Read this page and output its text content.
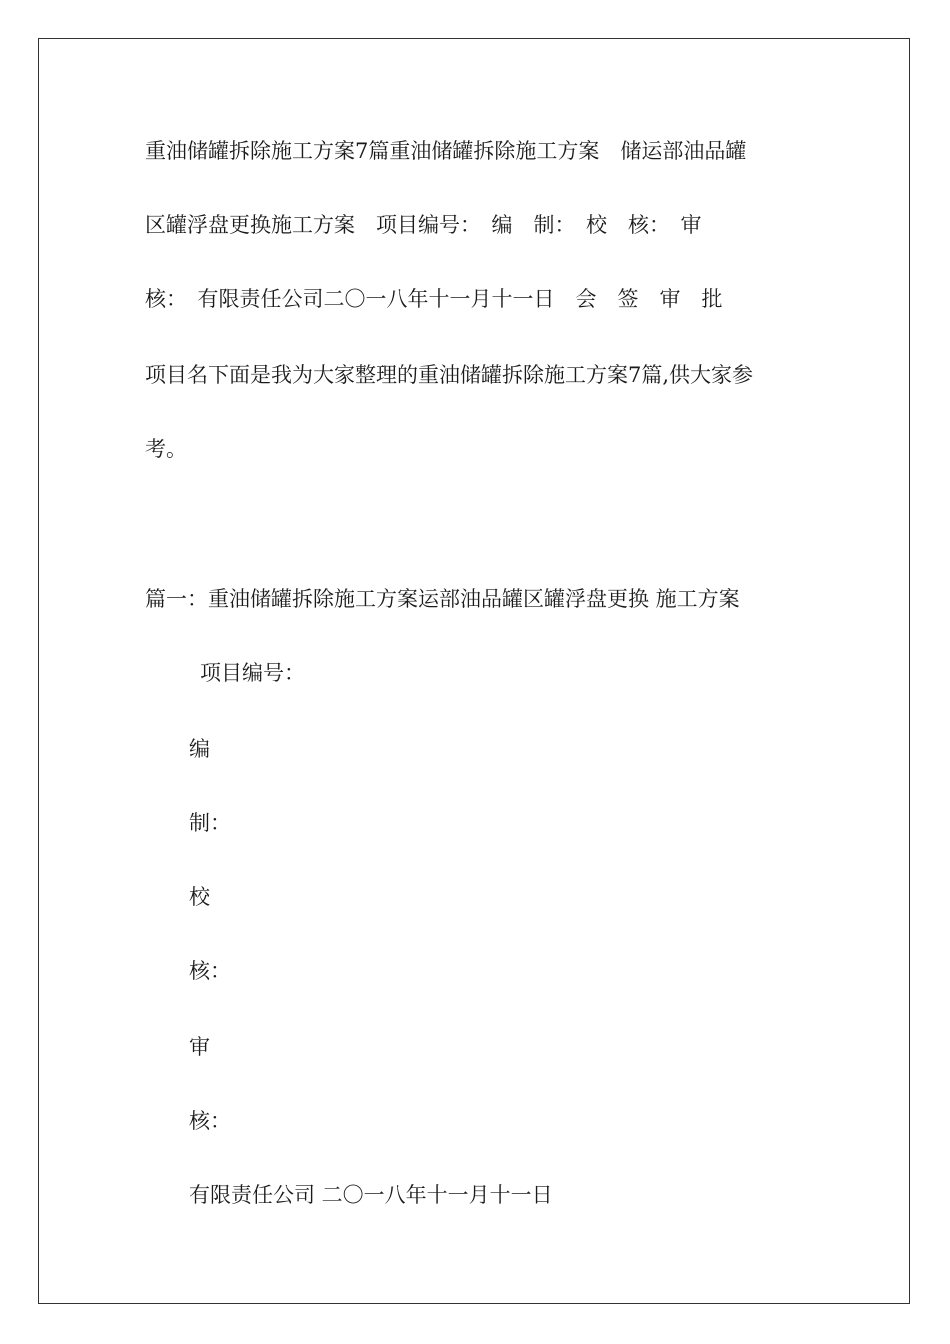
重油储罐拆除施工方案7篇重油储罐拆除施工方案　储运部油品罐
区罐浮盘更换施工方案　项目编号：　编　制：　校　核：　审
核：　有限责任公司二〇一八年十一月十一日　会　签　审　批
项目名下面是我为大家整理的重油储罐拆除施工方案7篇,供大家参
考。
篇一：重油储罐拆除施工方案运部油品罐区罐浮盘更换 施工方案
项目编号：
编
制：
校
核：
审
核：
有限责任公司 二〇一八年十一月十一日
